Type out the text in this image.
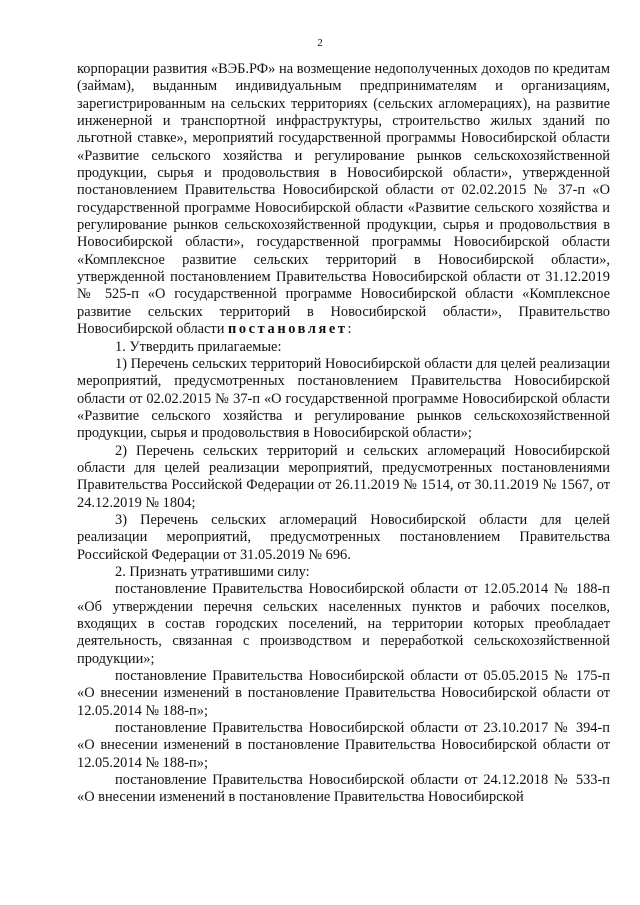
2

корпорации развития «ВЭБ.РФ» на возмещение недополученных доходов по кредитам (займам), выданным индивидуальным предпринимателям и организациям, зарегистрированным на сельских территориях (сельских агломерациях), на развитие инженерной и транспортной инфраструктуры, строительство жилых зданий по льготной ставке», мероприятий государственной программы Новосибирской области «Развитие сельского хозяйства и регулирование рынков сельскохозяйственной продукции, сырья и продовольствия в Новосибирской области», утвержденной постановлением Правительства Новосибирской области от 02.02.2015 № 37-п «О государственной программе Новосибирской области «Развитие сельского хозяйства и регулирование рынков сельскохозяйственной продукции, сырья и продовольствия в Новосибирской области», государственной программы Новосибирской области «Комплексное развитие сельских территорий в Новосибирской области», утвержденной постановлением Правительства Новосибирской области от 31.12.2019 № 525-п «О государственной программе Новосибирской области «Комплексное развитие сельских территорий в Новосибирской области», Правительство Новосибирской области постановляет:

1. Утвердить прилагаемые:

1) Перечень сельских территорий Новосибирской области для целей реализации мероприятий, предусмотренных постановлением Правительства Новосибирской области от 02.02.2015 № 37-п «О государственной программе Новосибирской области «Развитие сельского хозяйства и регулирование рынков сельскохозяйственной продукции, сырья и продовольствия в Новосибирской области»;

2) Перечень сельских территорий и сельских агломераций Новосибирской области для целей реализации мероприятий, предусмотренных постановлениями Правительства Российской Федерации от 26.11.2019 № 1514, от 30.11.2019 № 1567, от 24.12.2019 № 1804;

3) Перечень сельских агломераций Новосибирской области для целей реализации мероприятий, предусмотренных постановлением Правительства Российской Федерации от 31.05.2019 № 696.

2. Признать утратившими силу:

постановление Правительства Новосибирской области от 12.05.2014 № 188-п «Об утверждении перечня сельских населенных пунктов и рабочих поселков, входящих в состав городских поселений, на территории которых преобладает деятельность, связанная с производством и переработкой сельскохозяйственной продукции»;

постановление Правительства Новосибирской области от 05.05.2015 № 175-п «О внесении изменений в постановление Правительства Новосибирской области от 12.05.2014 № 188-п»;

постановление Правительства Новосибирской области от 23.10.2017 № 394-п «О внесении изменений в постановление Правительства Новосибирской области от 12.05.2014 № 188-п»;

постановление Правительства Новосибирской области от 24.12.2018 № 533-п «О внесении изменений в постановление Правительства Новосибирской
